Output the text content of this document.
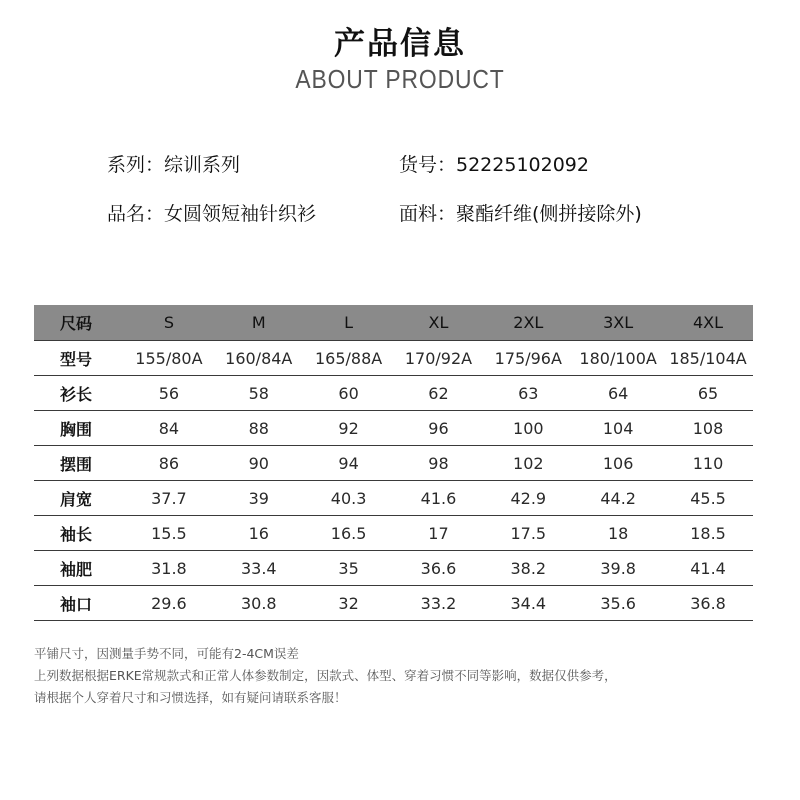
产品信息
ABOUT PRODUCT
系列：综训系列	货号：52225102092
品名：女圆领短袖针织衫	面料：聚酯纤维(侧拼接除外)
尺码	S	M	L	XL	2XL	3XL	4XL
型号	155/80A	160/84A	165/88A	170/92A	175/96A	180/100A	185/104A
衫长	56	58	60	62	63	64	65
胸围	84	88	92	96	100	104	108
摆围	86	90	94	98	102	106	110
肩宽	37.7	39	40.3	41.6	42.9	44.2	45.5
袖长	15.5	16	16.5	17	17.5	18	18.5
袖肥	31.8	33.4	35	36.6	38.2	39.8	41.4
袖口	29.6	30.8	32	33.2	34.4	35.6	36.8
平铺尺寸，因测量手势不同，可能有2-4CM误差
上列数据根据ERKE常规款式和正常人体参数制定，因款式、体型、穿着习惯不同等影响，数据仅供参考，
请根据个人穿着尺寸和习惯选择，如有疑问请联系客服！
